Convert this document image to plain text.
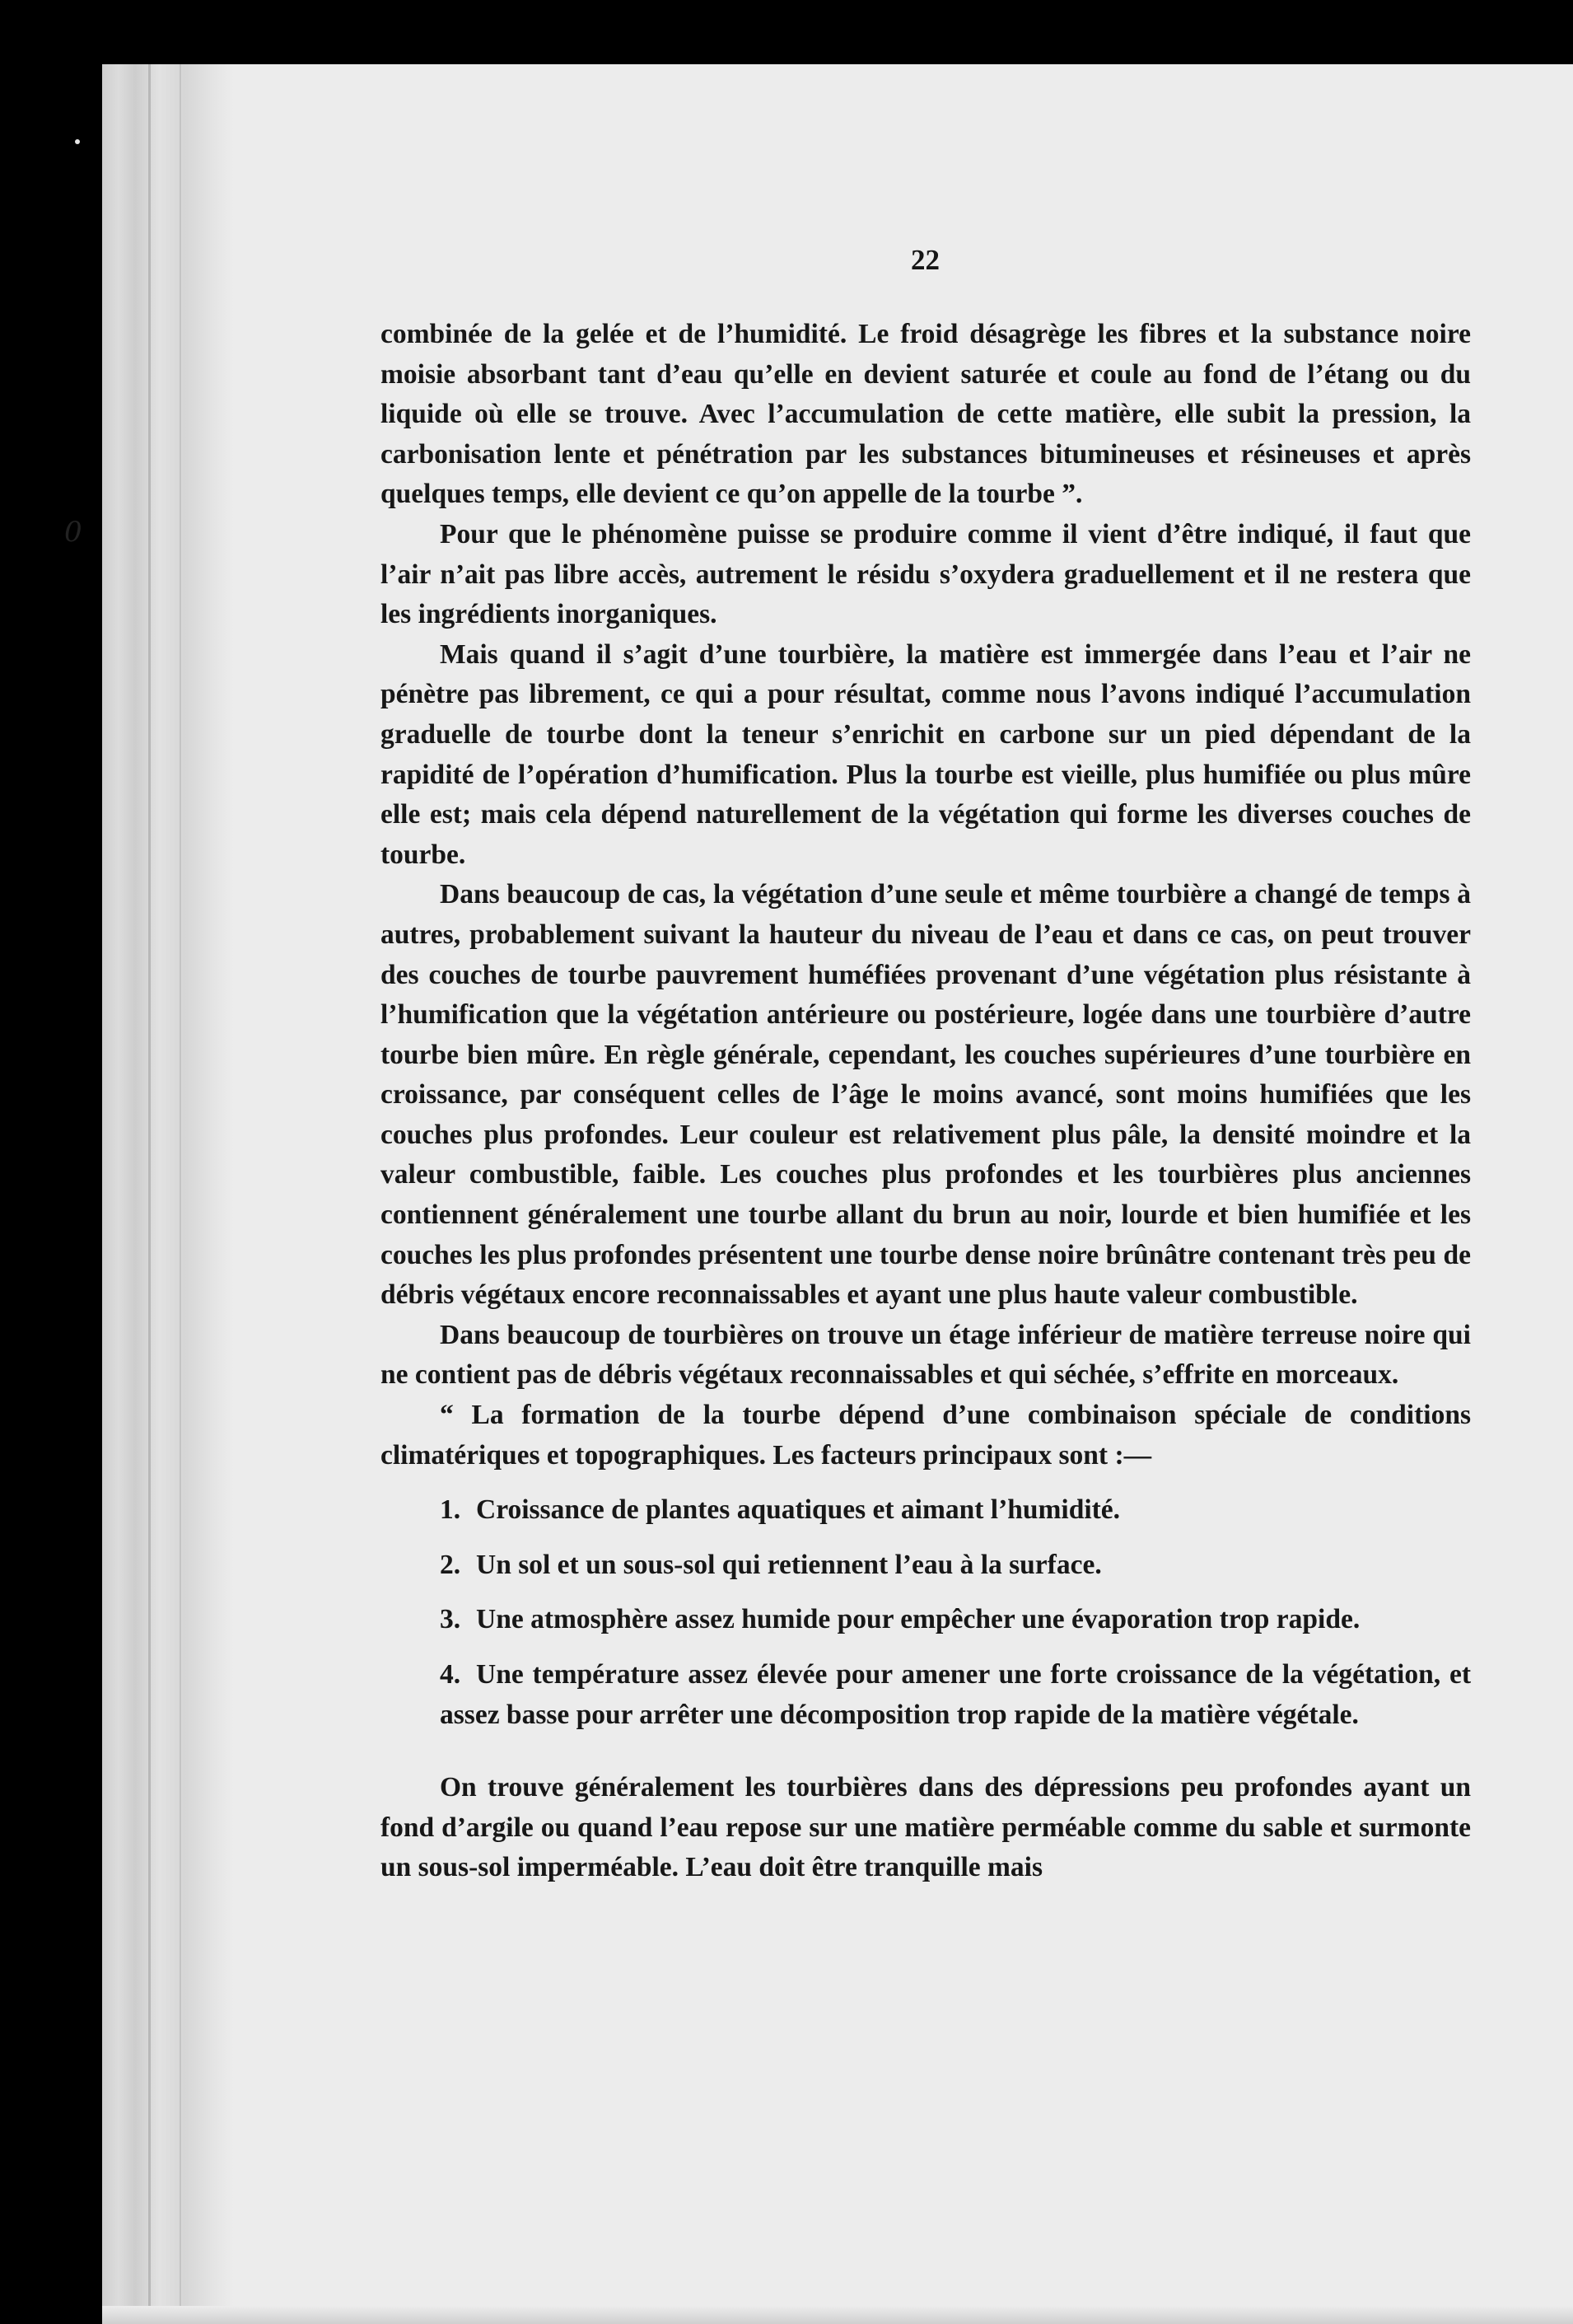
0
22

combinée de la gelée et de l’humidité. Le froid désagrège les fibres et la substance noire moisie absorbant tant d’eau qu’elle en devient saturée et coule au fond de l’étang ou du liquide où elle se trouve. Avec l’accumulation de cette matière, elle subit la pression, la carbonisation lente et pénétration par les substances bitumineuses et résineuses et après quelques temps, elle devient ce qu’on appelle de la tourbe ”.

Pour que le phénomène puisse se produire comme il vient d’être indiqué, il faut que l’air n’ait pas libre accès, autrement le résidu s’oxydera graduellement et il ne restera que les ingrédients inorganiques.

Mais quand il s’agit d’une tourbière, la matière est immergée dans l’eau et l’air ne pénètre pas librement, ce qui a pour résultat, comme nous l’avons indiqué l’accumulation graduelle de tourbe dont la teneur s’enrichit en carbone sur un pied dépendant de la rapidité de l’opération d’humification. Plus la tourbe est vieille, plus humifiée ou plus mûre elle est; mais cela dépend naturellement de la végétation qui forme les diverses couches de tourbe.

Dans beaucoup de cas, la végétation d’une seule et même tourbière a changé de temps à autres, probablement suivant la hauteur du niveau de l’eau et dans ce cas, on peut trouver des couches de tourbe pauvrement huméfiées provenant d’une végétation plus résistante à l’humification que la végétation antérieure ou postérieure, logée dans une tourbière d’autre tourbe bien mûre. En règle générale, cependant, les couches supérieures d’une tourbière en croissance, par conséquent celles de l’âge le moins avancé, sont moins humifiées que les couches plus profondes. Leur couleur est relativement plus pâle, la densité moindre et la valeur combustible, faible. Les couches plus profondes et les tourbières plus anciennes contiennent généralement une tourbe allant du brun au noir, lourde et bien humifiée et les couches les plus profondes présentent une tourbe dense noire brûnâtre contenant très peu de débris végétaux encore reconnaissables et ayant une plus haute valeur combustible.

Dans beaucoup de tourbières on trouve un étage inférieur de matière terreuse noire qui ne contient pas de débris végétaux reconnaissables et qui séchée, s’effrite en morceaux.

“ La formation de la tourbe dépend d’une combinaison spéciale de conditions climatériques et topographiques. Les facteurs principaux sont :—

1. Croissance de plantes aquatiques et aimant l’humidité.
2. Un sol et un sous-sol qui retiennent l’eau à la surface.
3. Une atmosphère assez humide pour empêcher une évaporation trop rapide.
4. Une température assez élevée pour amener une forte croissance de la végétation, et assez basse pour arrêter une décomposition trop rapide de la matière végétale.

On trouve généralement les tourbières dans des dépressions peu profondes ayant un fond d’argile ou quand l’eau repose sur une matière perméable comme du sable et surmonte un sous-sol imperméable. L’eau doit être tranquille mais
